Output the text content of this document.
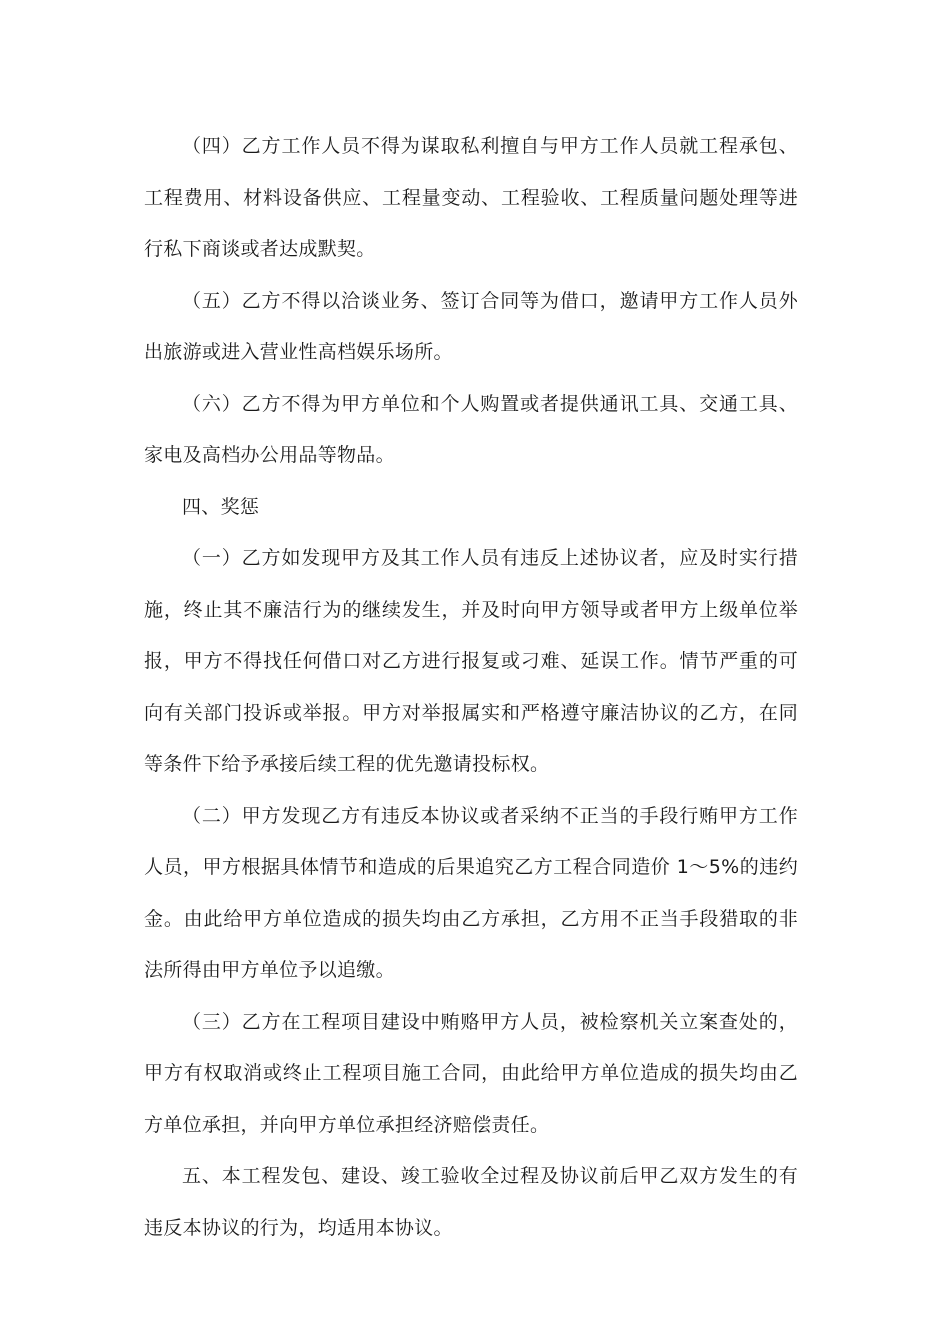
（四）乙方工作人员不得为谋取私利擅自与甲方工作人员就工程承包、工程费用、材料设备供应、工程量变动、工程验收、工程质量问题处理等进行私下商谈或者达成默契。

（五）乙方不得以洽谈业务、签订合同等为借口，邀请甲方工作人员外出旅游或进入营业性高档娱乐场所。

（六）乙方不得为甲方单位和个人购置或者提供通讯工具、交通工具、家电及高档办公用品等物品。

四、奖惩

（一）乙方如发现甲方及其工作人员有违反上述协议者，应及时实行措施，终止其不廉洁行为的继续发生，并及时向甲方领导或者甲方上级单位举报，甲方不得找任何借口对乙方进行报复或刁难、延误工作。情节严重的可向有关部门投诉或举报。甲方对举报属实和严格遵守廉洁协议的乙方，在同等条件下给予承接后续工程的优先邀请投标权。

（二）甲方发现乙方有违反本协议或者采纳不正当的手段行贿甲方工作人员，甲方根据具体情节和造成的后果追究乙方工程合同造价 1～5%的违约金。由此给甲方单位造成的损失均由乙方承担，乙方用不正当手段猎取的非法所得由甲方单位予以追缴。

（三）乙方在工程项目建设中贿赂甲方人员，被检察机关立案查处的，甲方有权取消或终止工程项目施工合同，由此给甲方单位造成的损失均由乙方单位承担，并向甲方单位承担经济赔偿责任。

五、本工程发包、建设、竣工验收全过程及协议前后甲乙双方发生的有违反本协议的行为，均适用本协议。
